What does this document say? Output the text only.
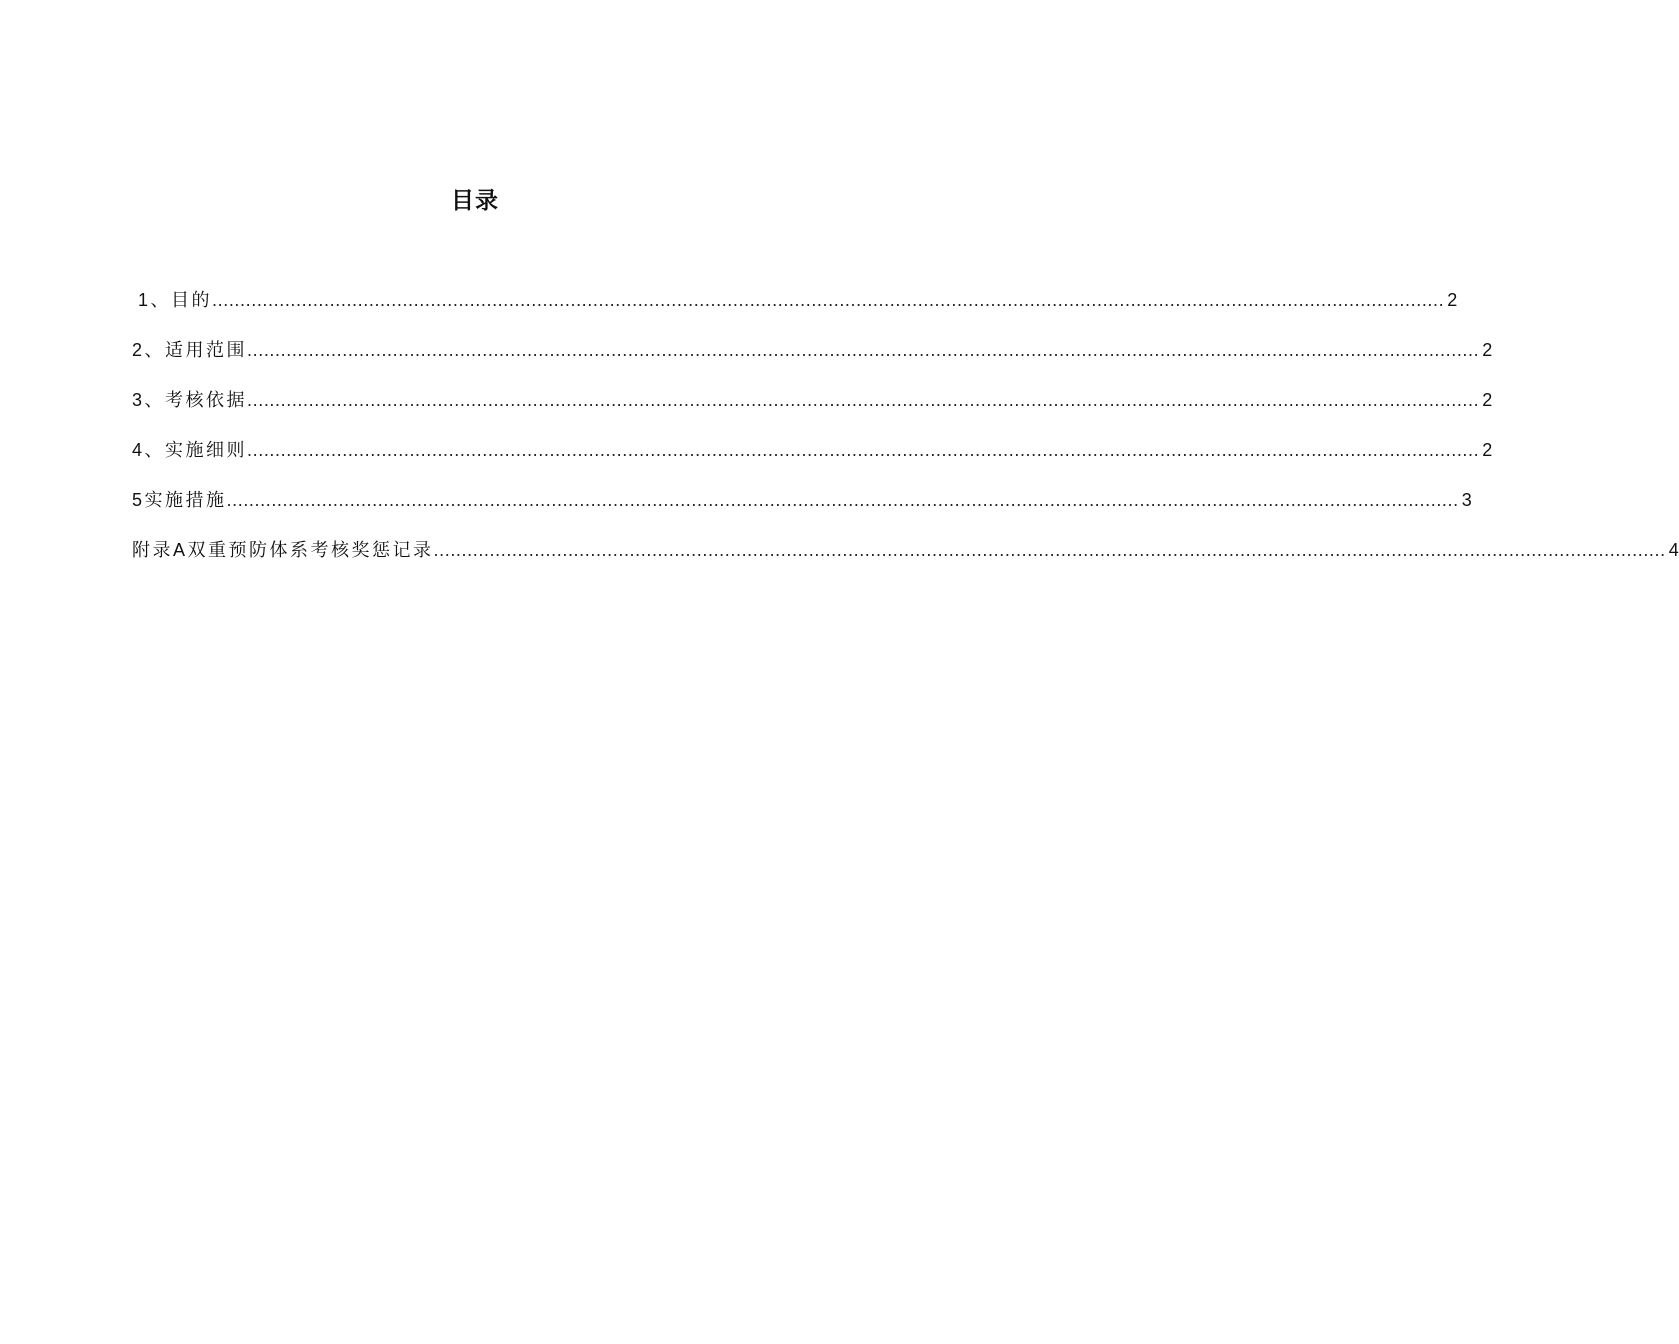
目录
1、目的 ............................................................................................................................................................................................................................ 2
2、适用范围 ............................................................................................................................................................................................................................ 2
3、考核依据 ............................................................................................................................................................................................................................ 2
4、实施细则 ............................................................................................................................................................................................................................ 2
5实施措施 ............................................................................................................................................................................................................................ 3
附录A双重预防体系考核奖惩记录 ............................................................................................................................................................................................................................ 4
